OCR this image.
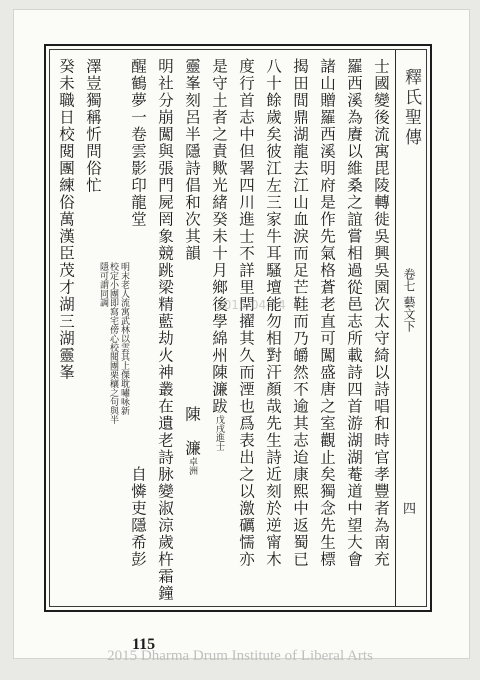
釋氏聖傳
卷七 藝文下
四
士國變後流寓毘陵轉徙吳興吳園次太守綺以詩唱和時官孝豐者為南充
羅西溪為賡以維桑之誼嘗相過從邑志所載詩四首游湖湖菴道中望大會
諸山贈羅西溪明府是作先氣格蒼老直可闖盛唐之室觀止矣獨念先生標
揭田間鼎湖龍去江山血淚而足芒鞋而乃皭然不逾其志迨康熙中返蜀已
八十餘歲矣彼江左三家牛耳騷壇能勿相對汗顏哉先生詩近刻於逆甯木
度行首志中但署四川進士不詳里閈擢其久而湮也爲表出之以激礪懦亦
是守土者之責歟光緒癸未十月鄉後學綿州陳濂跋戊戌進士
靈峯刻呂半隱詩倡和次其韻
陳　濂卓洲
明社分崩闖與張門屍罔象競跳梁精藍劫火神叢在遺老詩脉變淑涼歲杵霜鐘
醒鶴夢一卷雲影印龍堂
明末老人流寓武林以雲其上傑耽嘯咏新
校定小團即寫宅傍心校閱團栗穰之句與半隱可謂同調
自憐吏隱希彭
澤豈獨稱忻問俗忙
癸未職日校閱團練俗萬漢臣茂才湖三湖靈峯	2015-04-14
115
2015 Dharma Drum Institute of Liberal Arts
